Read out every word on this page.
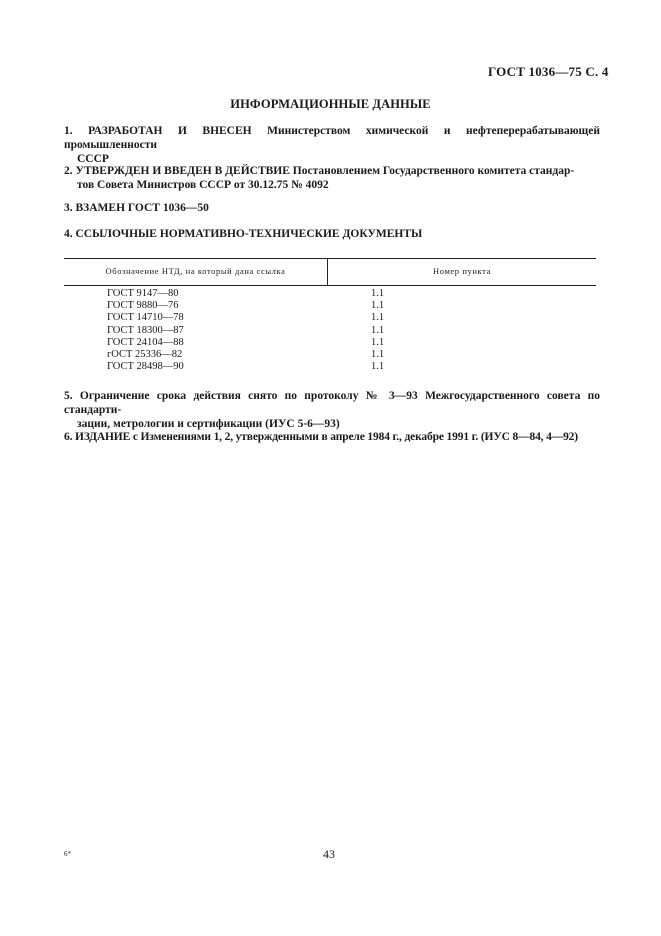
ГОСТ 1036—75 С. 4
ИНФОРМАЦИОННЫЕ ДАННЫЕ
1. РАЗРАБОТАН И ВНЕСЕН Министерством химической и нефтеперерабатывающей промышленности
СССР
2. УТВЕРЖДЕН И ВВЕДЕН В ДЕЙСТВИЕ Постановлением Государственного комитета стандар-
тов Совета Министров СССР от 30.12.75 № 4092
3. ВЗАМЕН ГОСТ 1036—50
4. ССЫЛОЧНЫЕ НОРМАТИВНО-ТЕХНИЧЕСКИЕ ДОКУМЕНТЫ
Обозначение НТД, на который дана ссылка	Номер пункта
ГОСТ 9147—80
ГОСТ 9880—76
ГОСТ 14710—78
ГОСТ 18300—87
ГОСТ 24104—88
гОСТ 25336—82
ГОСТ 28498—90
1.1
1.1
1.1
1.1
1.1
1.1
1.1
5. Ограничение срока действия снято по протоколу № 3—93 Межгосударственного совета по стандарти-
зации, метрологии и сертификации (ИУС 5-6—93)
6. ИЗДАНИЕ с Изменениями 1, 2, утвержденными в апреле 1984 г., декабре 1991 г. (ИУС 8—84, 4—92)
6*	43
